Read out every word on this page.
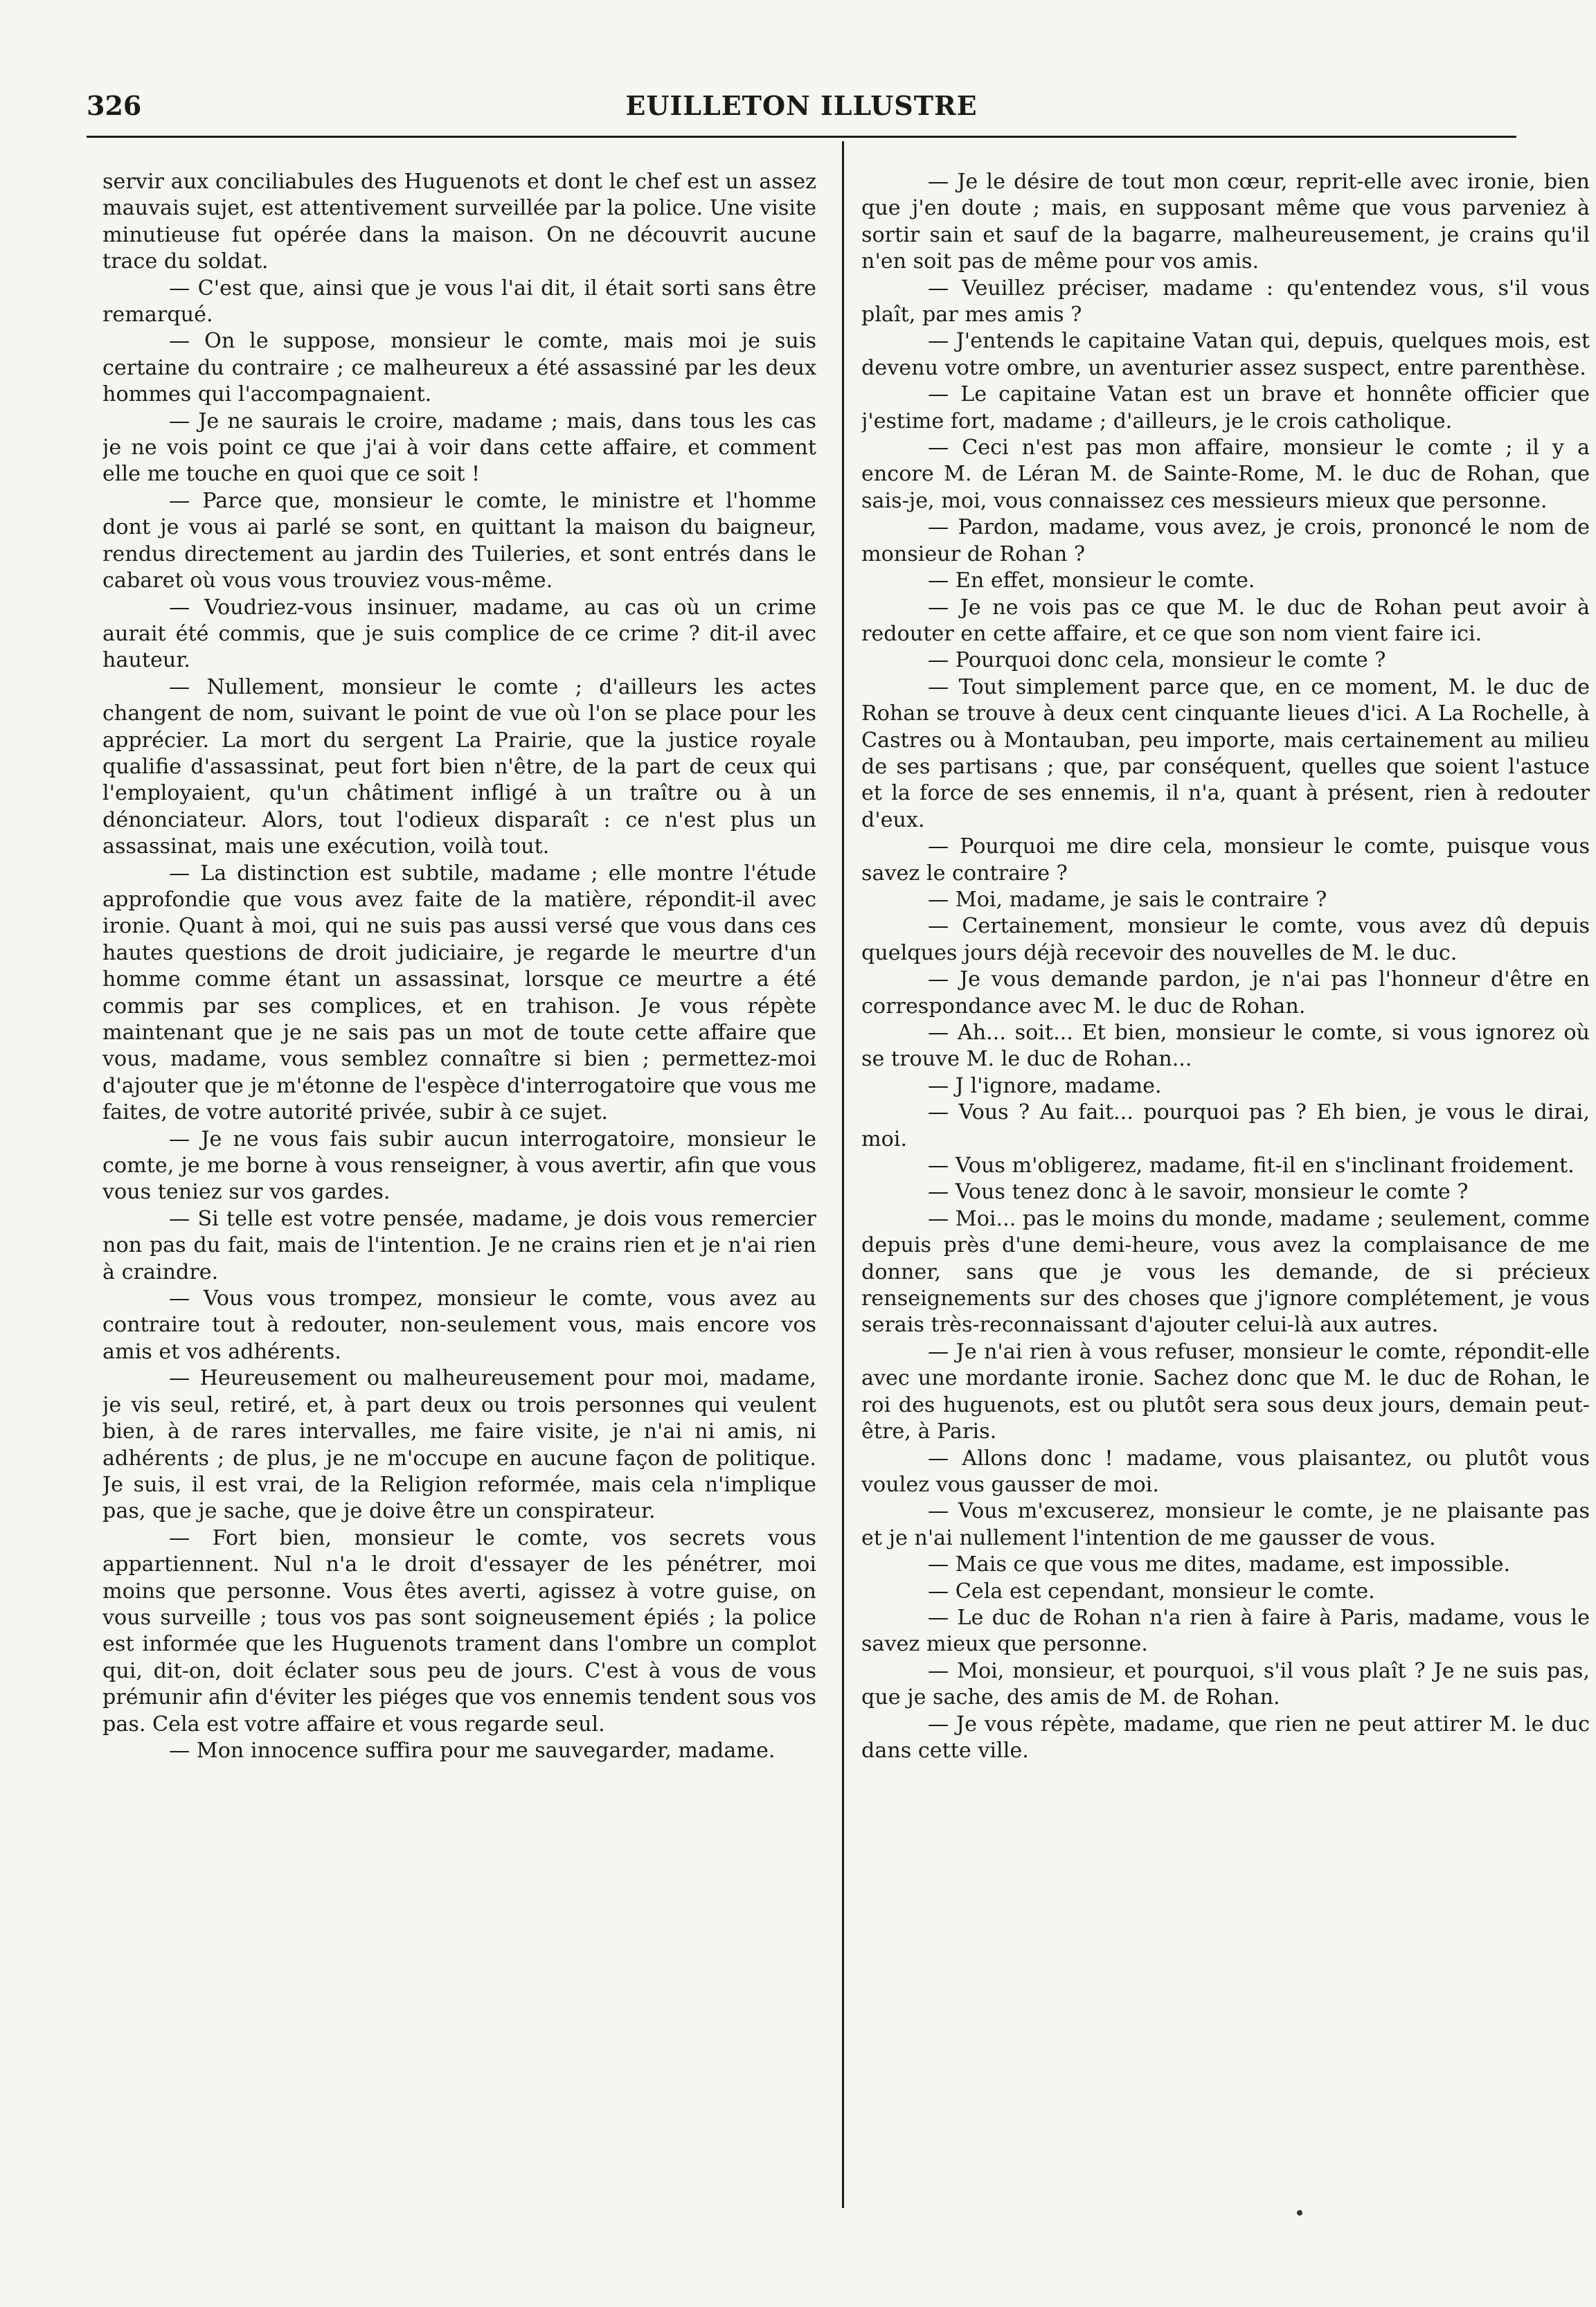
326	EUILLETON ILLUSTRE

servir aux conciliabules des Huguenots et dont le chef est un assez mauvais sujet, est attentivement surveillée par la police. Une visite minutieuse fut opérée dans la maison. On ne découvrit aucune trace du soldat.

— C'est que, ainsi que je vous l'ai dit, il était sorti sans être remarqué.

— On le suppose, monsieur le comte, mais moi je suis certaine du contraire ; ce malheureux a été assassiné par les deux hommes qui l'accompagnaient.

— Je ne saurais le croire, madame ; mais, dans tous les cas je ne vois point ce que j'ai à voir dans cette affaire, et comment elle me touche en quoi que ce soit !

— Parce que, monsieur le comte, le ministre et l'homme dont je vous ai parlé se sont, en quittant la maison du baigneur, rendus directement au jardin des Tuileries, et sont entrés dans le cabaret où vous vous trouviez vous-même.

— Voudriez-vous insinuer, madame, au cas où un crime aurait été commis, que je suis complice de ce crime ? dit-il avec hauteur.

— Nullement, monsieur le comte ; d'ailleurs les actes changent de nom, suivant le point de vue où l'on se place pour les apprécier. La mort du sergent La Prairie, que la justice royale qualifie d'assassinat, peut fort bien n'être, de la part de ceux qui l'employaient, qu'un châtiment infligé à un traître ou à un dénonciateur. Alors, tout l'odieux disparaît : ce n'est plus un assassinat, mais une exécution, voilà tout.

— La distinction est subtile, madame ; elle montre l'étude approfondie que vous avez faite de la matière, répondit-il avec ironie. Quant à moi, qui ne suis pas aussi versé que vous dans ces hautes questions de droit judiciaire, je regarde le meurtre d'un homme comme étant un assassinat, lorsque ce meurtre a été commis par ses complices, et en trahison. Je vous répète maintenant que je ne sais pas un mot de toute cette affaire que vous, madame, vous semblez connaître si bien ; permettez-moi d'ajouter que je m'étonne de l'espèce d'interrogatoire que vous me faites, de votre autorité privée, subir à ce sujet.

— Je ne vous fais subir aucun interrogatoire, monsieur le comte, je me borne à vous renseigner, à vous avertir, afin que vous vous teniez sur vos gardes.

— Si telle est votre pensée, madame, je dois vous remercier non pas du fait, mais de l'intention. Je ne crains rien et je n'ai rien à craindre.

— Vous vous trompez, monsieur le comte, vous avez au contraire tout à redouter, non-seulement vous, mais encore vos amis et vos adhérents.

— Heureusement ou malheureusement pour moi, madame, je vis seul, retiré, et, à part deux ou trois personnes qui veulent bien, à de rares intervalles, me faire visite, je n'ai ni amis, ni adhérents ; de plus, je ne m'occupe en aucune façon de politique. Je suis, il est vrai, de la Religion reformée, mais cela n'implique pas, que je sache, que je doive être un conspirateur.

— Fort bien, monsieur le comte, vos secrets vous appartiennent. Nul n'a le droit d'essayer de les pénétrer, moi moins que personne. Vous êtes averti, agissez à votre guise, on vous surveille ; tous vos pas sont soigneusement épiés ; la police est informée que les Huguenots trament dans l'ombre un complot qui, dit-on, doit éclater sous peu de jours. C'est à vous de vous prémunir afin d'éviter les piéges que vos ennemis tendent sous vos pas. Cela est votre affaire et vous regarde seul.

— Mon innocence suffira pour me sauvegarder, madame.

— Je le désire de tout mon cœur, reprit-elle avec ironie, bien que j'en doute ; mais, en supposant même que vous parveniez à sortir sain et sauf de la bagarre, malheureusement, je crains qu'il n'en soit pas de même pour vos amis.

— Veuillez préciser, madame : qu'entendez vous, s'il vous plaît, par mes amis ?

— J'entends le capitaine Vatan qui, depuis, quelques mois, est devenu votre ombre, un aventurier assez suspect, entre parenthèse.

— Le capitaine Vatan est un brave et honnête officier que j'estime fort, madame ; d'ailleurs, je le crois catholique.

— Ceci n'est pas mon affaire, monsieur le comte ; il y a encore M. de Léran M. de Sainte-Rome, M. le duc de Rohan, que sais-je, moi, vous connaissez ces messieurs mieux que personne.

— Pardon, madame, vous avez, je crois, prononcé le nom de monsieur de Rohan ?

— En effet, monsieur le comte.

— Je ne vois pas ce que M. le duc de Rohan peut avoir à redouter en cette affaire, et ce que son nom vient faire ici.

— Pourquoi donc cela, monsieur le comte ?

— Tout simplement parce que, en ce moment, M. le duc de Rohan se trouve à deux cent cinquante lieues d'ici. A La Rochelle, à Castres ou à Montauban, peu importe, mais certainement au milieu de ses partisans ; que, par conséquent, quelles que soient l'astuce et la force de ses ennemis, il n'a, quant à présent, rien à redouter d'eux.

— Pourquoi me dire cela, monsieur le comte, puisque vous savez le contraire ?

— Moi, madame, je sais le contraire ?

— Certainement, monsieur le comte, vous avez dû depuis quelques jours déjà recevoir des nouvelles de M. le duc.

— Je vous demande pardon, je n'ai pas l'honneur d'être en correspondance avec M. le duc de Rohan.

— Ah... soit... Et bien, monsieur le comte, si vous ignorez où se trouve M. le duc de Rohan...

— J l'ignore, madame.

— Vous ? Au fait... pourquoi pas ? Eh bien, je vous le dirai, moi.

— Vous m'obligerez, madame, fit-il en s'inclinant froidement.

— Vous tenez donc à le savoir, monsieur le comte ?

— Moi... pas le moins du monde, madame ; seulement, comme depuis près d'une demi-heure, vous avez la complaisance de me donner, sans que je vous les demande, de si précieux renseignements sur des choses que j'ignore complétement, je vous serais très-reconnaissant d'ajouter celui-là aux autres.

— Je n'ai rien à vous refuser, monsieur le comte, répondit-elle avec une mordante ironie. Sachez donc que M. le duc de Rohan, le roi des huguenots, est ou plutôt sera sous deux jours, demain peut-être, à Paris.

— Allons donc ! madame, vous plaisantez, ou plutôt vous voulez vous gausser de moi.

— Vous m'excuserez, monsieur le comte, je ne plaisante pas et je n'ai nullement l'intention de me gausser de vous.

— Mais ce que vous me dites, madame, est impossible.

— Cela est cependant, monsieur le comte.

— Le duc de Rohan n'a rien à faire à Paris, madame, vous le savez mieux que personne.

— Moi, monsieur, et pourquoi, s'il vous plaît ? Je ne suis pas, que je sache, des amis de M. de Rohan.

— Je vous répète, madame, que rien ne peut attirer M. le duc dans cette ville.
